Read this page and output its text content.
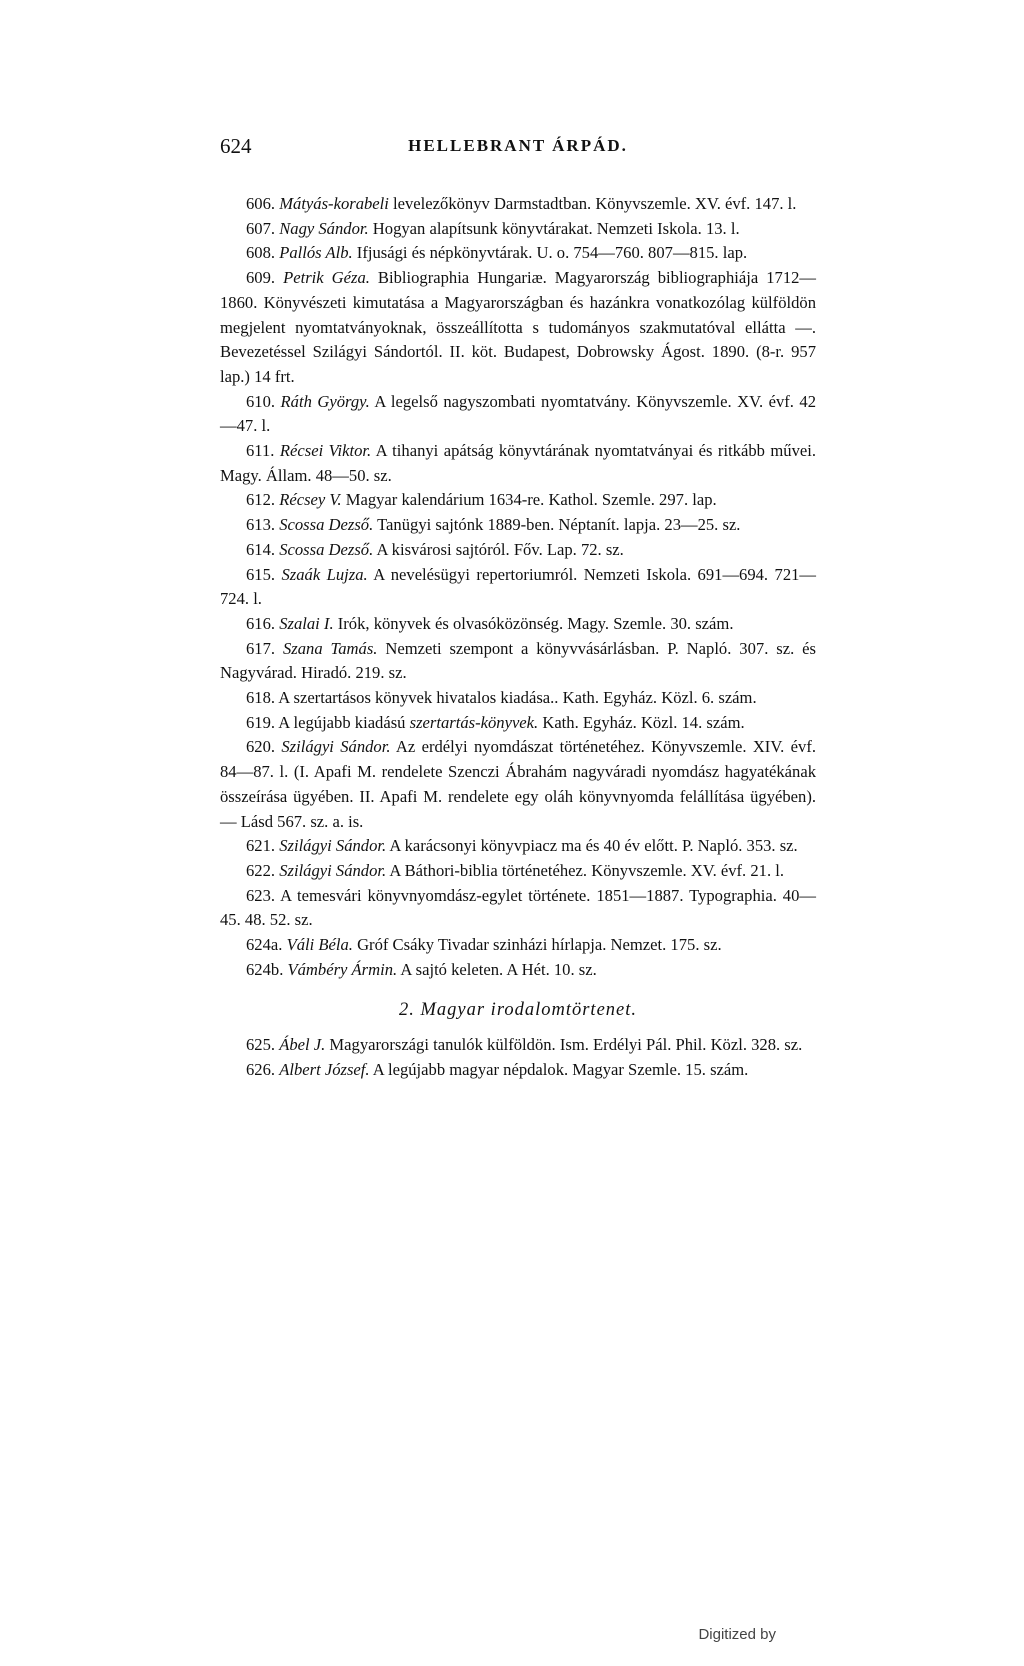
624	HELLEBRANT ÁRPÁD.

606. Mátyás-korabeli levelezőkönyv Darmstadtban. Könyvszemle. XV. évf. 147. l.

607. Nagy Sándor. Hogyan alapítsunk könyvtárakat. Nemzeti Iskola. 13. l.

608. Pallós Alb. Ifjusági és népkönyvtárak. U. o. 754—760. 807—815. lap.

609. Petrik Géza. Bibliographia Hungariæ. Magyarország bibliographiája 1712—1860. Könyvészeti kimutatása a Magyarországban és hazánkra vonatkozólag külföldön megjelent nyomtatványoknak, összeállította s tudományos szakmutatóval ellátta —. Bevezetéssel Szilágyi Sándortól. II. köt. Budapest, Dobrowsky Ágost. 1890. (8-r. 957 lap.) 14 frt.

610. Ráth György. A legelső nagyszombati nyomtatvány. Könyvszemle. XV. évf. 42—47. l.

611. Récsei Viktor. A tihanyi apátság könyvtárának nyomtatványai és ritkább művei. Magy. Állam. 48—50. sz.

612. Récsey V. Magyar kalendárium 1634-re. Kathol. Szemle. 297. lap.

613. Scossa Dezső. Tanügyi sajtónk 1889-ben. Néptanít. lapja. 23—25. sz.

614. Scossa Dezső. A kisvárosi sajtóról. Főv. Lap. 72. sz.

615. Szaák Lujza. A nevelésügyi repertoriumról. Nemzeti Iskola. 691—694. 721—724. l.

616. Szalai I. Irók, könyvek és olvasóközönség. Magy. Szemle. 30. szám.

617. Szana Tamás. Nemzeti szempont a könyvvásárlásban. P. Napló. 307. sz. és Nagyvárad. Hiradó. 219. sz.

618. A szertartásos könyvek hivatalos kiadása.. Kath. Egyház. Közl. 6. szám.

619. A legújabb kiadású szertartás-könyvek. Kath. Egyház. Közl. 14. szám.

620. Szilágyi Sándor. Az erdélyi nyomdászat történetéhez. Könyvszemle. XIV. évf. 84—87. l. (I. Apafi M. rendelete Szenczi Ábrahám nagyváradi nyomdász hagyatékának összeírása ügyében. II. Apafi M. rendelete egy oláh könyvnyomda felállítása ügyében). — Lásd 567. sz. a. is.

621. Szilágyi Sándor. A karácsonyi könyvpiacz ma és 40 év előtt. P. Napló. 353. sz.

622. Szilágyi Sándor. A Báthori-biblia történetéhez. Könyvszemle. XV. évf. 21. l.

623. A temesvári könyvnyomdász-egylet története. 1851—1887. Typographia. 40—45. 48. 52. sz.

624a. Váli Béla. Gróf Csáky Tivadar szinházi hírlapja. Nemzet. 175. sz.

624b. Vámbéry Ármin. A sajtó keleten. A Hét. 10. sz.

2. Magyar irodalomtörtenet.

625. Ábel J. Magyarországi tanulók külföldön. Ism. Erdélyi Pál. Phil. Közl. 328. sz.

626. Albert József. A legújabb magyar népdalok. Magyar Szemle. 15. szám.

Digitized by
